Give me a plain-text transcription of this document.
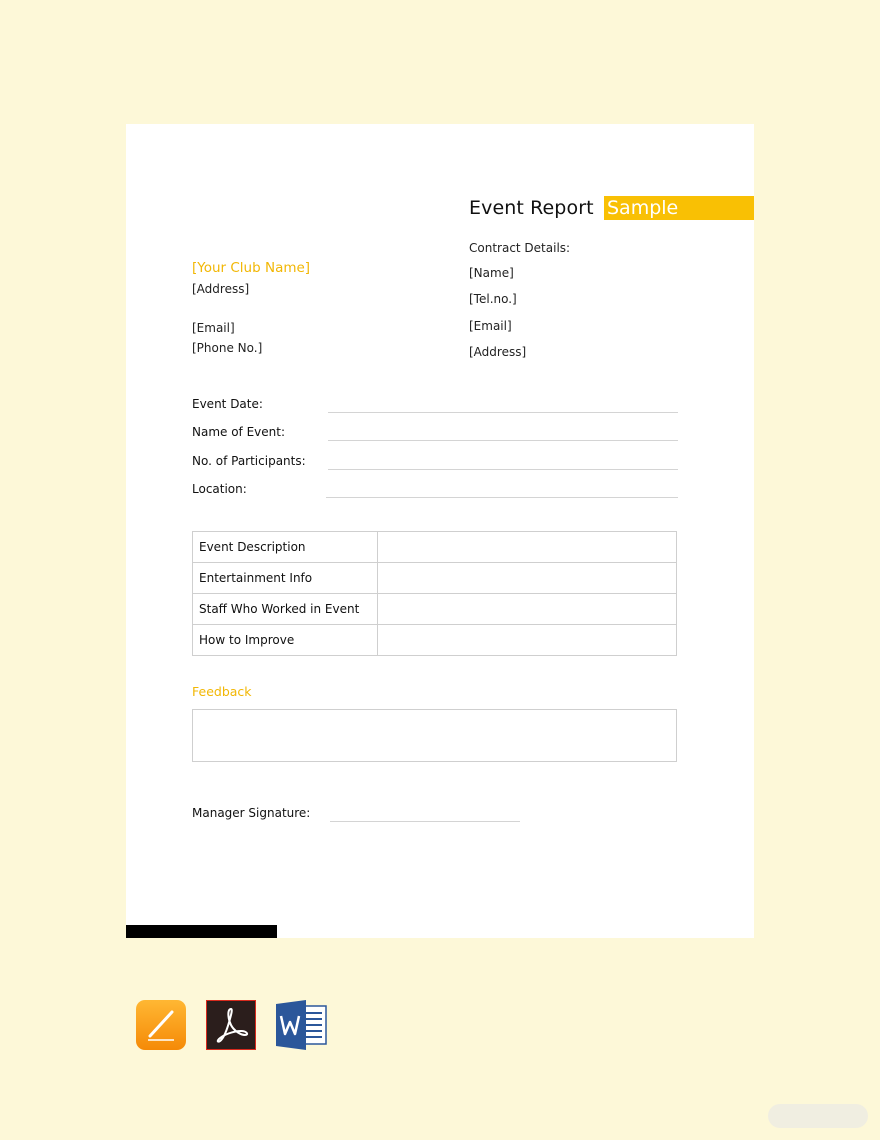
Event Report Sample
[Your Club Name]
[Address]
[Email]
[Phone No.]
Contract Details:
[Name]
[Tel.no.]
[Email]
[Address]
Event Date:
Name of Event:
No. of Participants:
Location:
Event Description	
Entertainment Info	
Staff Who Worked in Event	
How to Improve	
Feedback
Manager Signature:
